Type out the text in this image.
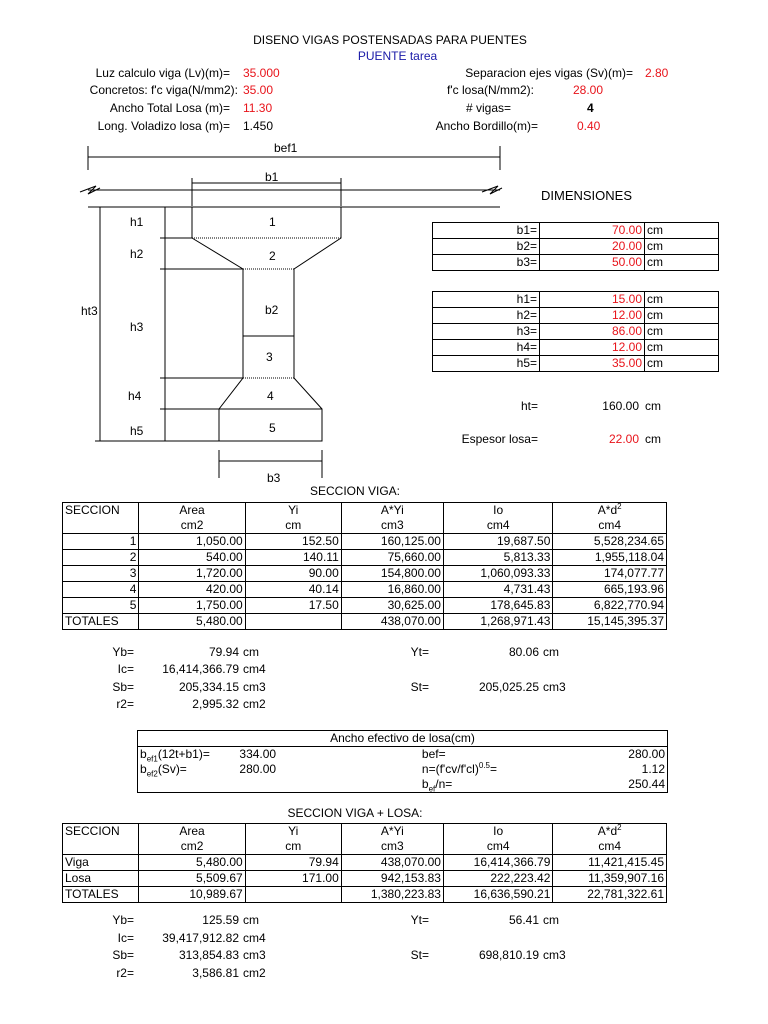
DISENO VIGAS POSTENSADAS PARA PUENTES
PUENTE tarea
Luz calculo viga (Lv)(m)= 35.000
Concretos: f'c viga(N/mm2): 35.00
Ancho Total Losa (m)= 11.30
Long. Voladizo losa (m)= 1.450
Separacion ejes vigas (Sv)(m)= 2.80
f'c losa(N/mm2):	28.00
# vigas=	4
Ancho Bordillo(m)=	0.40
bef1
b1
h1
h2
ht3
h3
h4
h5
1
2
b2
3
4
5
b3
DIMENSIONES
b1=	70.00	cm
b2=	20.00	cm
b3=	50.00	cm
h1=	15.00	cm
h2=	12.00	cm
h3=	86.00	cm
h4=	12.00	cm
h5=	35.00	cm
ht=	160.00 cm
Espesor losa=	22.00 cm
SECCION VIGA:
SECCION	Area	Yi	A*Yi	Io	$A*d^2$
	cm2	cm	cm3	cm4	cm4
1	1,050.00	152.50	160,125.00	19,687.50	5,528,234.65
2	540.00	140.11	75,660.00	5,813.33	1,955,118.04
3	1,720.00	90.00	154,800.00	1,060,093.33	174,077.77
4	420.00	40.14	16,860.00	4,731.43	665,193.96
5	1,750.00	17.50	30,625.00	178,645.83	6,822,770.94
TOTALES	5,480.00		438,070.00	1,268,971.43	15,145,395.37
Yb=	79.94 cm	Yt=	80.06 cm
Ic= 16,414,366.79 cm4
Sb=	205,334.15 cm3	St=	205,025.25 cm3
r2=	2,995.32 cm2
Ancho efectivo de losa(cm)			
$b_{ef1}(12t+b1)=$	334.00	bef=	280.00
$b_{ef2}(Sv)=$	280.00	$n=(f'cv/f'cl)^{0.5}=$	1.12
		$b_{ef}/n=$	250.44
SECCION VIGA + LOSA:
SECCION	Area	Yi	A*Yi	Io	$A*d^2$
	cm2	cm	cm3	cm4	cm4
Viga	5,480.00	79.94	438,070.00	16,414,366.79	11,421,415.45
Losa	5,509.67	171.00	942,153.83	222,223.42	11,359,907.16
TOTALES	10,989.67		1,380,223.83	16,636,590.21	22,781,322.61
Yb=	125.59 cm	Yt=	56.41 cm
Ic= 39,417,912.82 cm4
Sb=	313,854.83 cm3	St=	698,810.19 cm3
r2=	3,586.81 cm2
